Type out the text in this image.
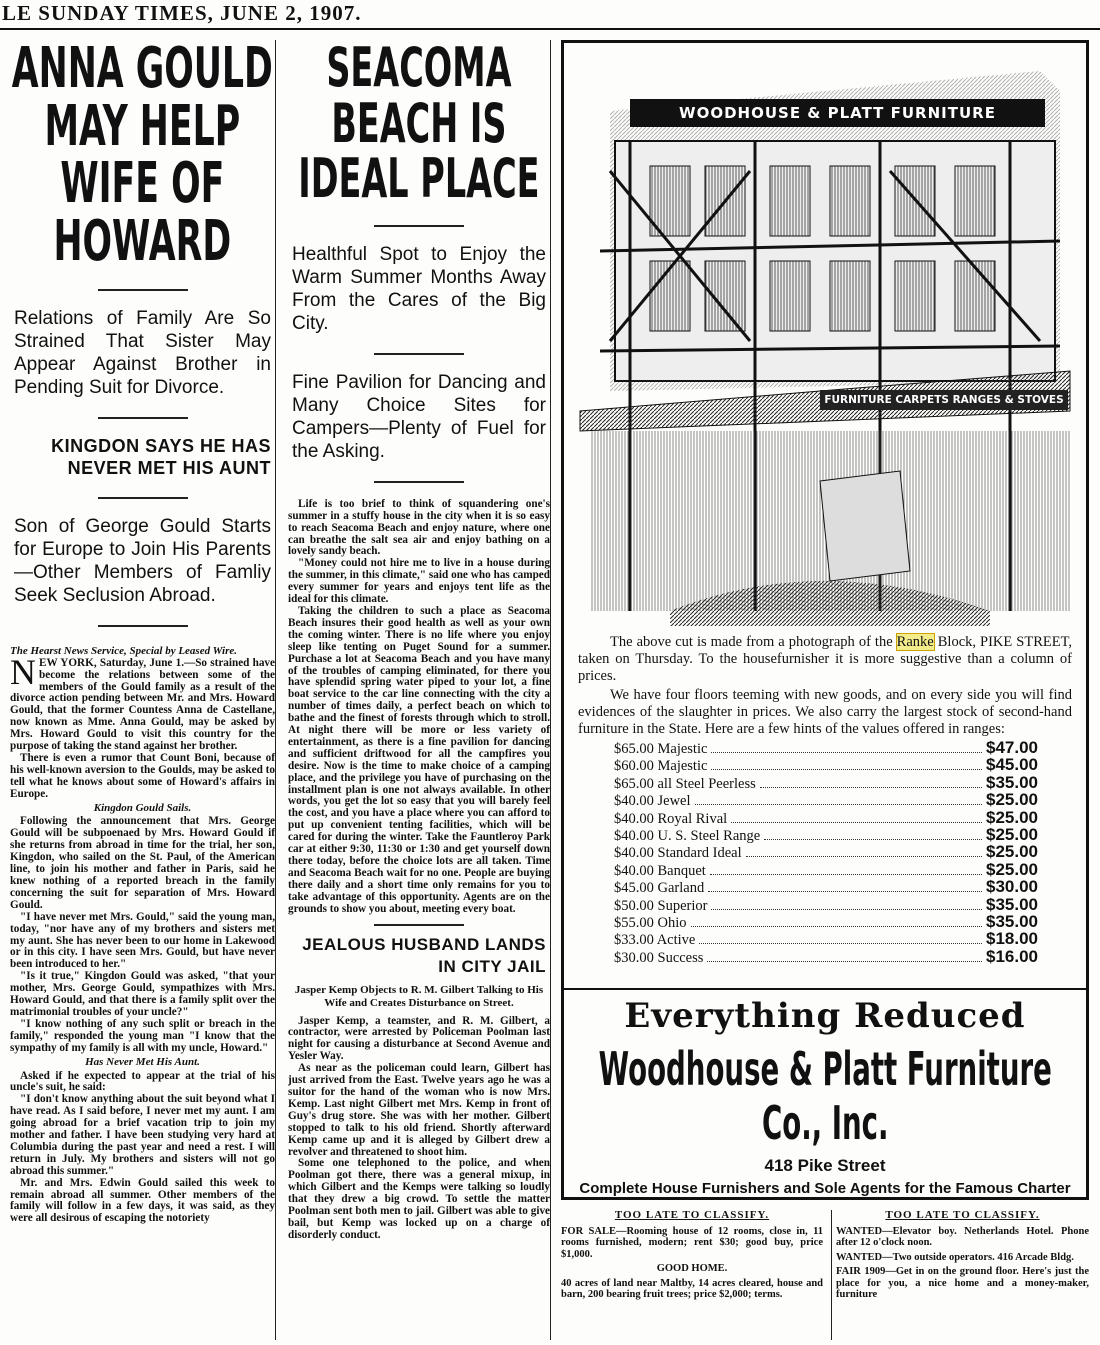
LE SUNDAY TIMES, JUNE 2, 1907.
ANNA GOULD MAY HELP WIFE OF HOWARD
Relations of Family Are So Strained That Sister May Appear Against Brother in Pending Suit for Divorce.
KINGDON SAYS HE HAS NEVER MET HIS AUNT
Son of George Gould Starts for Europe to Join His Parents—Other Members of Famliy Seek Seclusion Abroad.
The Hearst News Service, Special by Leased Wire.

NEW YORK, Saturday, June 1.—So strained have become the relations between some of the members of the Gould family as a result of the divorce action pending between Mr. and Mrs. Howard Gould, that the former Countess Anna de Castellane, now known as Mme. Anna Gould, may be asked by Mrs. Howard Gould to visit this country for the purpose of taking the stand against her brother.

There is even a rumor that Count Boni, because of his well-known aversion to the Goulds, may be asked to tell what he knows about some of Howard's affairs in Europe.

Kingdon Gould Sails.

Following the announcement that Mrs. George Gould will be subpoenaed by Mrs. Howard Gould if she returns from abroad in time for the trial, her son, Kingdon, who sailed on the St. Paul, of the American line, to join his mother and father in Paris, said he knew nothing of a reported breach in the family concerning the suit for separation of Mrs. Howard Gould.

"I have never met Mrs. Gould," said the young man, today, "nor have any of my brothers and sisters met my aunt. She has never been to our home in Lakewood or in this city. I have seen Mrs. Gould, but have never been introduced to her."

"Is it true," Kingdon Gould was asked, "that your mother, Mrs. George Gould, sympathizes with Mrs. Howard Gould, and that there is a family split over the matrimonial troubles of your uncle?"

"I know nothing of any such split or breach in the family," responded the young man "I know that the sympathy of my family is all with my uncle, Howard."

Has Never Met His Aunt.

Asked if he expected to appear at the trial of his uncle's suit, he said:

"I don't know anything about the suit beyond what I have read. As I said before, I never met my aunt. I am going abroad for a brief vacation trip to join my mother and father. I have been studying very hard at Columbia during the past year and need a rest. I will return in July. My brothers and sisters will not go abroad this summer."

Mr. and Mrs. Edwin Gould sailed this week to remain abroad all summer. Other members of the family will follow in a few days, it was said, as they were all desirous of escaping the notoriety

SEACOMA BEACH IS IDEAL PLACE
Healthful Spot to Enjoy the Warm Summer Months Away From the Cares of the Big City.
Fine Pavilion for Dancing and Many Choice Sites for Campers—Plenty of Fuel for the Asking.

Life is too brief to think of squandering one's summer in a stuffy house in the city when it is so easy to reach Seacoma Beach and enjoy nature, where one can breathe the salt sea air and enjoy bathing on a lovely sandy beach.

"Money could not hire me to live in a house during the summer, in this climate," said one who has camped every summer for years and enjoys tent life as the ideal for this climate.

Taking the children to such a place as Seacoma Beach insures their good health as well as your own the coming winter. There is no life where you enjoy sleep like tenting on Puget Sound for a summer. Purchase a lot at Seacoma Beach and you have many of the troubles of camping eliminated, for there you have splendid spring water piped to your lot, a fine boat service to the car line connecting with the city a number of times daily, a perfect beach on which to bathe and the finest of forests through which to stroll. At night there will be more or less variety of entertainment, as there is a fine pavilion for dancing and sufficient driftwood for all the campfires you desire. Now is the time to make choice of a camping place, and the privilege you have of purchasing on the installment plan is one not always available. In other words, you get the lot so easy that you will barely feel the cost, and you have a place where you can afford to put up convenient tenting facilities, which will be cared for during the winter. Take the Fauntleroy Park car at either 9:30, 11:30 or 1:30 and get yourself down there today, before the choice lots are all taken. Time and Seacoma Beach wait for no one. People are buying there daily and a short time only remains for you to take advantage of this opportunity. Agents are on the grounds to show you about, meeting every boat.

JEALOUS HUSBAND LANDS IN CITY JAIL
Jasper Kemp Objects to R. M. Gilbert Talking to His Wife and Creates Disturbance on Street.

Jasper Kemp, a teamster, and R. M. Gilbert, a contractor, were arrested by Policeman Poolman last night for causing a disturbance at Second Avenue and Yesler Way.

As near as the policeman could learn, Gilbert has just arrived from the East. Twelve years ago he was a suitor for the hand of the woman who is now Mrs. Kemp. Last night Gilbert met Mrs. Kemp in front of Guy's drug store. She was with her mother. Gilbert stopped to talk to his old friend. Shortly afterward Kemp came up and it is alleged by Gilbert drew a revolver and threatened to shoot him.

Some one telephoned to the police, and when Poolman got there, there was a general mixup, in which Gilbert and the Kemps were talking so loudly that they drew a big crowd. To settle the matter Poolman sent both men to jail. Gilbert was able to give bail, but Kemp was locked up on a charge of disorderly conduct.

WOODHOUSE & PLATT FURNITURE
FURNITURE CARPETS RANGES & STOVES

The above cut is made from a photograph of the Ranke Block, PIKE STREET, taken on Thursday. To the housefurnisher it is more suggestive than a column of prices.

We have four floors teeming with new goods, and on every side you will find evidences of the slaughter in prices. We also carry the largest stock of second-hand furniture in the State. Here are a few hints of the values offered in ranges:

$65.00 Majestic	$47.00
$60.00 Majestic	$45.00
$65.00 all Steel Peerless	$35.00
$40.00 Jewel	$25.00
$40.00 Royal Rival	$25.00
$40.00 U. S. Steel Range	$25.00
$40.00 Standard Ideal	$25.00
$40.00 Banquet	$25.00
$45.00 Garland	$30.00
$50.00 Superior	$35.00
$55.00 Ohio	$35.00
$33.00 Active	$18.00
$30.00 Success	$16.00
Everything Reduced
Woodhouse & Platt Furniture Co., Inc.
418 Pike Street
Complete House Furnishers and Sole Agents for the Famous Charter
TOO LATE TO CLASSIFY.

FOR SALE—Rooming house of 12 rooms, close in, 11 rooms furnished, modern; rent $30; good buy, price $1,000.

GOOD HOME.

40 acres of land near Maltby, 14 acres cleared, house and barn, 200 bearing fruit trees; price $2,000; terms.

TOO LATE TO CLASSIFY.

WANTED—Elevator boy. Netherlands Hotel. Phone after 12 o'clock noon.

WANTED—Two outside operators. 416 Arcade Bldg.

FAIR 1909—Get in on the ground floor. Here's just the place for you, a nice home and a money-maker, furniture
